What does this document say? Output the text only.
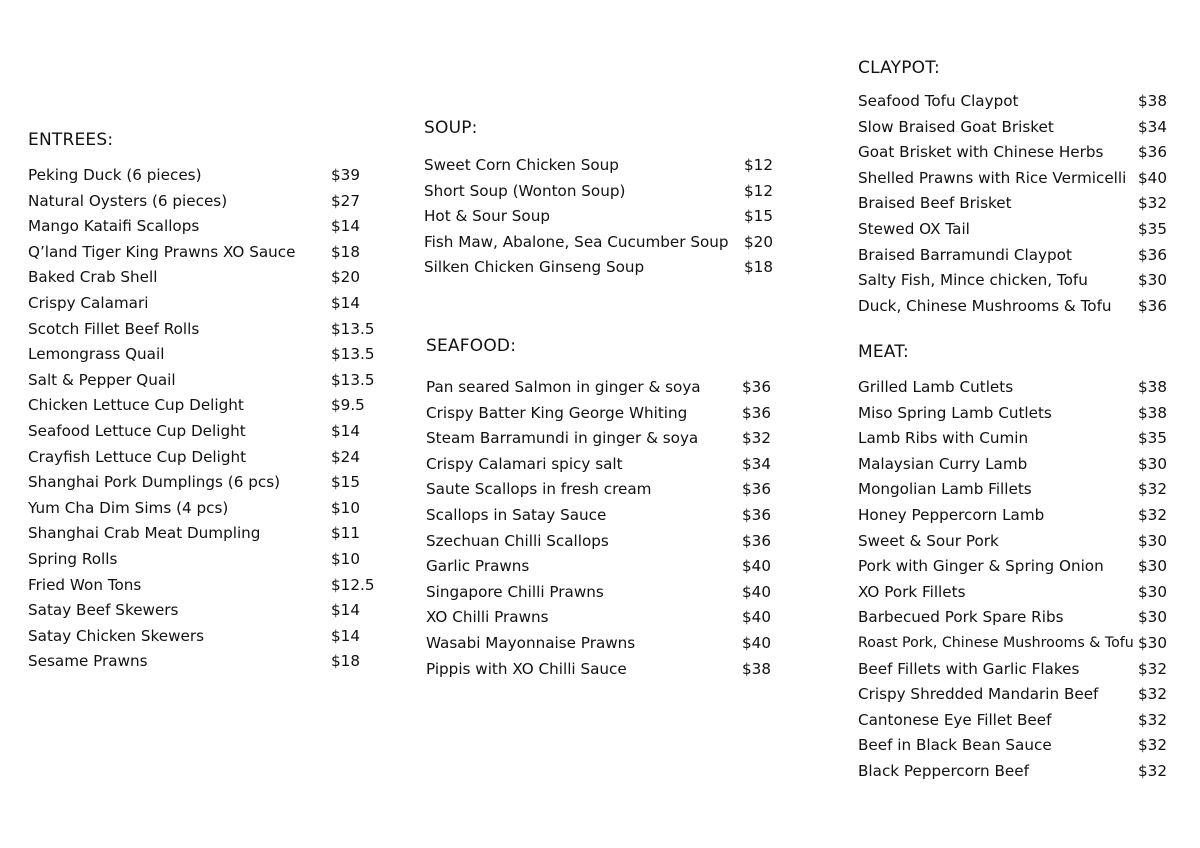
ENTREES:
Peking Duck (6 pieces)	$39
Natural Oysters (6 pieces)	$27
Mango Kataifi Scallops	$14
Q’land Tiger King Prawns XO Sauce $18
Baked Crab Shell	$20
Crispy Calamari	$14
Scotch Fillet Beef Rolls	$13.5
Lemongrass Quail	$13.5
Salt & Pepper Quail	$13.5
Chicken Lettuce Cup Delight	$9.5
Seafood Lettuce Cup Delight	$14
Crayfish Lettuce Cup Delight	$24
Shanghai Pork Dumplings (6 pcs)	$15
Yum Cha Dim Sims (4 pcs)	$10
Shanghai Crab Meat Dumpling	$11
Spring Rolls	$10
Fried Won Tons	$12.5
Satay Beef Skewers	$14
Satay Chicken Skewers	$14
Sesame Prawns	$18
SOUP:
Sweet Corn Chicken Soup	$12
Short Soup (Wonton Soup)	$12
Hot & Sour Soup	$15
Fish Maw, Abalone, Sea Cucumber Soup $20
Silken Chicken Ginseng Soup	$18
SEAFOOD:
Pan seared Salmon in ginger & soya	$36
Crispy Batter King George Whiting	$36
Steam Barramundi in ginger & soya	$32
Crispy Calamari spicy salt	$34
Saute Scallops in fresh cream	$36
Scallops in Satay Sauce	$36
Szechuan Chilli Scallops	$36
Garlic Prawns	$40
Singapore Chilli Prawns	$40
XO Chilli Prawns	$40
Wasabi Mayonnaise Prawns	$40
Pippis with XO Chilli Sauce	$38
CLAYPOT:
Seafood Tofu Claypot	$38
Slow Braised Goat Brisket	$34
Goat Brisket with Chinese Herbs $36
Shelled Prawns with Rice Vermicelli $40
Braised Beef Brisket	$32
Stewed OX Tail	$35
Braised Barramundi Claypot	$36
Salty Fish, Mince chicken, Tofu	$30
Duck, Chinese Mushrooms & Tofu $36
MEAT:
Grilled Lamb Cutlets	$38
Miso Spring Lamb Cutlets	$38
Lamb Ribs with Cumin	$35
Malaysian Curry Lamb	$30
Mongolian Lamb Fillets	$32
Honey Peppercorn Lamb	$32
Sweet & Sour Pork	$30
Pork with Ginger & Spring Onion $30
XO Pork Fillets	$30
Barbecued Pork Spare Ribs	$30
Roast Pork, Chinese Mushrooms & Tofu $30
Beef Fillets with Garlic Flakes	$32
Crispy Shredded Mandarin Beef	$32
Cantonese Eye Fillet Beef	$32
Beef in Black Bean Sauce	$32
Black Peppercorn Beef	$32
